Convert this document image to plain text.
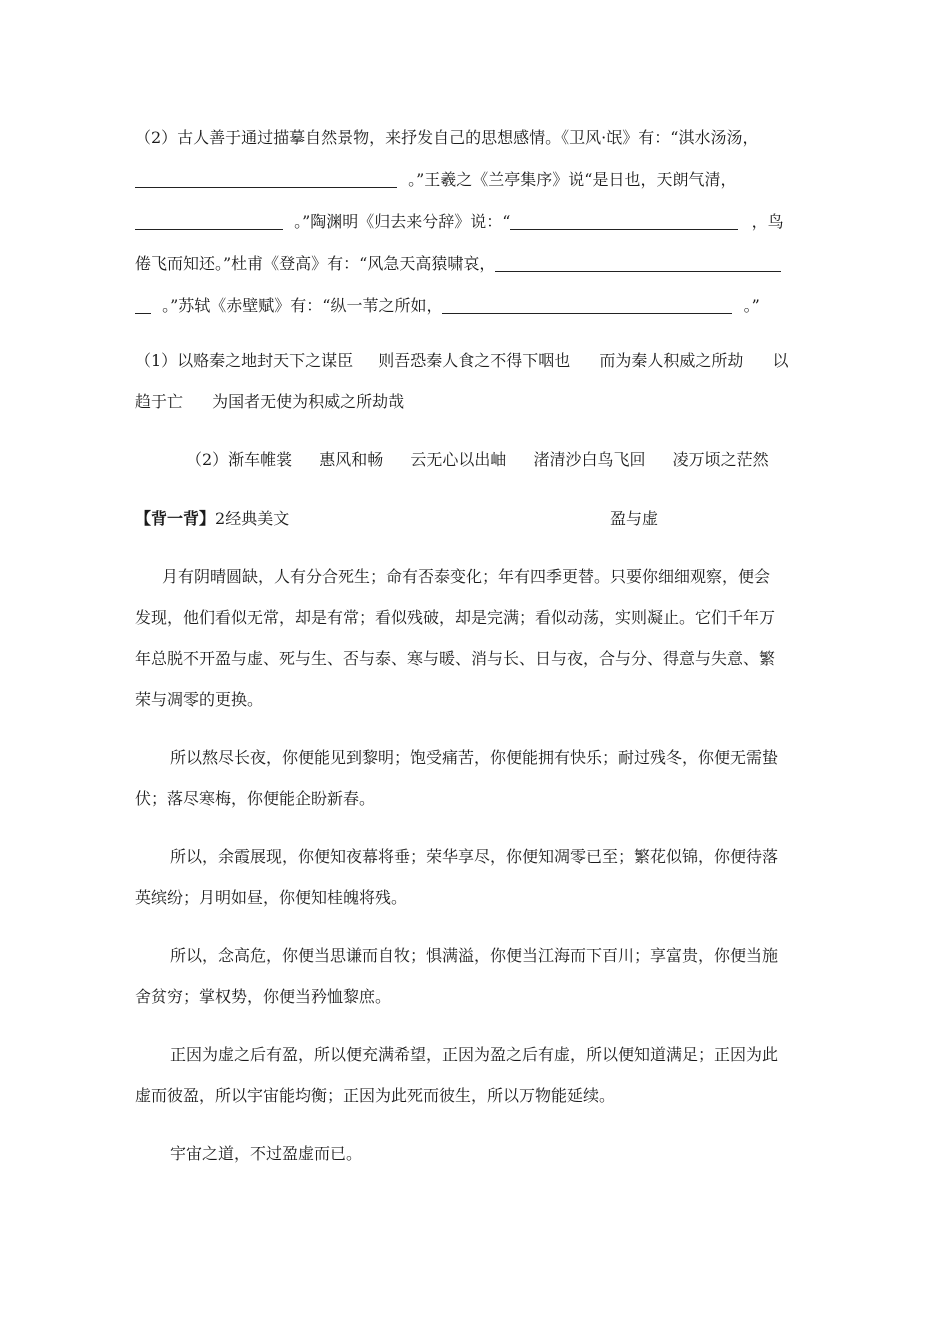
（2）古人善于通过描摹自然景物，来抒发自己的思想感情。《卫风·氓》有：“淇水汤汤，
。”王羲之《兰亭集序》说“是日也，天朗气清，
。”陶渊明《归去来兮辞》说：“	，鸟
倦飞而知还。”杜甫《登高》有：“风急天高猿啸哀，
。”苏轼《赤壁赋》有：“纵一苇之所如，	。”
（1）以赂秦之地封天下之谋臣 则吾恐秦人食之不得下咽也 而为秦人积威之所劫 以
趋于亡 为国者无使为积威之所劫哉
（2）渐车帷裳 惠风和畅 云无心以出岫 渚清沙白鸟飞回 凌万顷之茫然
【背一背】2经典美文	盈与虚
月有阴晴圆缺，人有分合死生；命有否泰变化；年有四季更替。只要你细细观察，便会
发现，他们看似无常，却是有常；看似残破，却是完满；看似动荡，实则凝止。它们千年万
年总脱不开盈与虚、死与生、否与泰、寒与暖、消与长、日与夜，合与分、得意与失意、繁
荣与凋零的更换。
所以熬尽长夜，你便能见到黎明；饱受痛苦，你便能拥有快乐；耐过残冬，你便无需蛰
伏；落尽寒梅，你便能企盼新春。
所以，余霞展现，你便知夜幕将垂；荣华享尽，你便知凋零已至；繁花似锦，你便待落
英缤纷；月明如昼，你便知桂魄将残。
所以，念高危，你便当思谦而自牧；惧满溢，你便当江海而下百川；享富贵，你便当施
舍贫穷；掌权势，你便当矜恤黎庶。
正因为虚之后有盈，所以便充满希望，正因为盈之后有虚，所以便知道满足；正因为此
虚而彼盈，所以宇宙能均衡；正因为此死而彼生，所以万物能延续。
宇宙之道，不过盈虚而已。
